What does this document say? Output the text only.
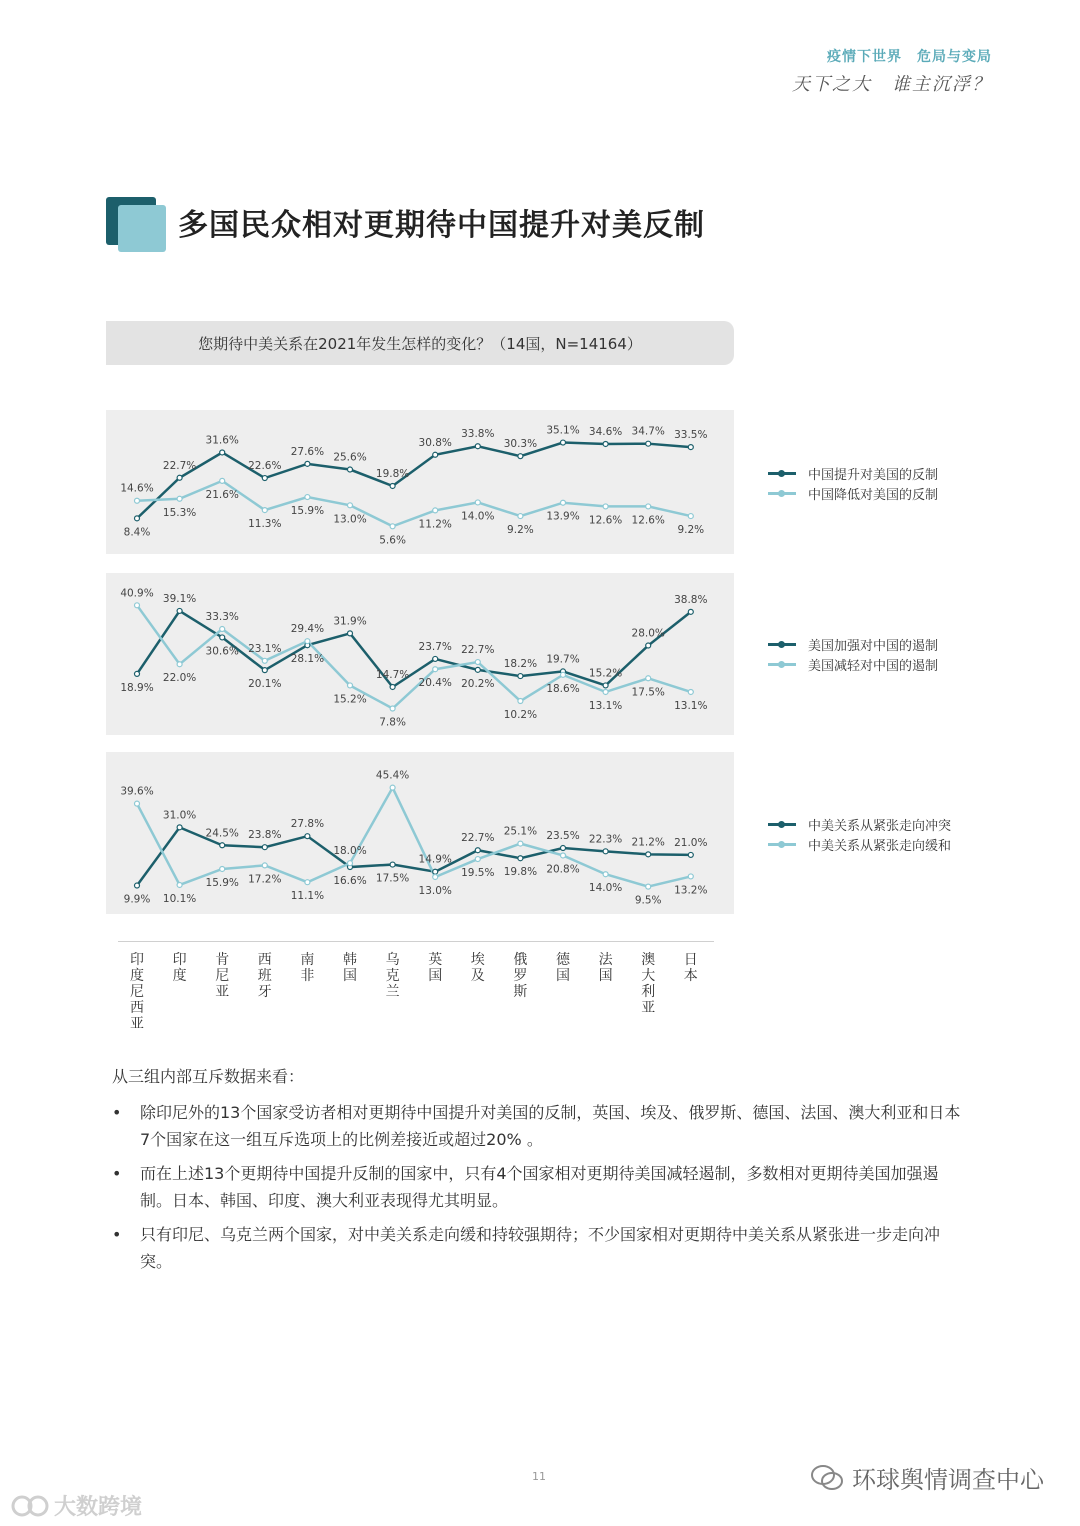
疫情下世界　危局与变局
天下之大　谁主沉浮？
多国民众相对更期待中国提升对美反制
您期待中美关系在2021年发生怎样的变化？（14国，N=14164）
8.4%
22.7%
31.6%
22.6%
27.6% 25.6%
19.8%
30.8%
33.8%
30.3%
35.1% 34.6% 34.7% 33.5%
14.6%
15.3%
21.6%
11.3%
15.9%
13.0%
5.6%
11.2%
14.0%
9.2%
13.9% 12.6% 12.6%
9.2%
18.9%
39.1%
30.6%
20.1%
28.1%
31.9%
14.7%
23.7%
20.2%
18.2% 19.7%
15.2%
28.0%
38.8%
40.9%
22.0%
33.3%
23.1%
29.4%
15.2%
7.8%
20.4%
22.7%
10.2%
18.6%
13.1%
17.5%
13.1%
9.9%
31.0%
24.5% 23.8%
27.8%
16.6% 17.5%
14.9%
22.7%
19.8%
23.5% 22.3% 21.2% 21.0%
39.6%
10.1%
15.9% 17.2%
11.1%
18.0%
45.4%
13.0%
19.5%
25.1%
20.8%
14.0%
9.5%
13.2%
中国提升对美国的反制
中国降低对美国的反制
美国加强对中国的遏制
美国减轻对中国的遏制
中美关系从紧张走向冲突
中美关系从紧张走向缓和
印度尼西亚
印度
肯尼亚
西班牙
南非
韩国
乌克兰
英国
埃及
俄罗斯
德国
法国
澳大利亚
日本
从三组内部互斥数据来看：
• 除印尼外的13个国家受访者相对更期待中国提升对美国的反制，英国、埃及、俄罗斯、德国、法国、澳大利亚和日本7个国家在这一组互斥选项上的比例差接近或超过20% 。
• 而在上述13个更期待中国提升反制的国家中，只有4个国家相对更期待美国减轻遏制，多数相对更期待美国加强遏制。日本、韩国、印度、澳大利亚表现得尤其明显。
• 只有印尼、乌克兰两个国家，对中美关系走向缓和持较强期待；不少国家相对更期待中美关系从紧张进一步走向冲突。
11	环球舆情调查中心
大数跨境
